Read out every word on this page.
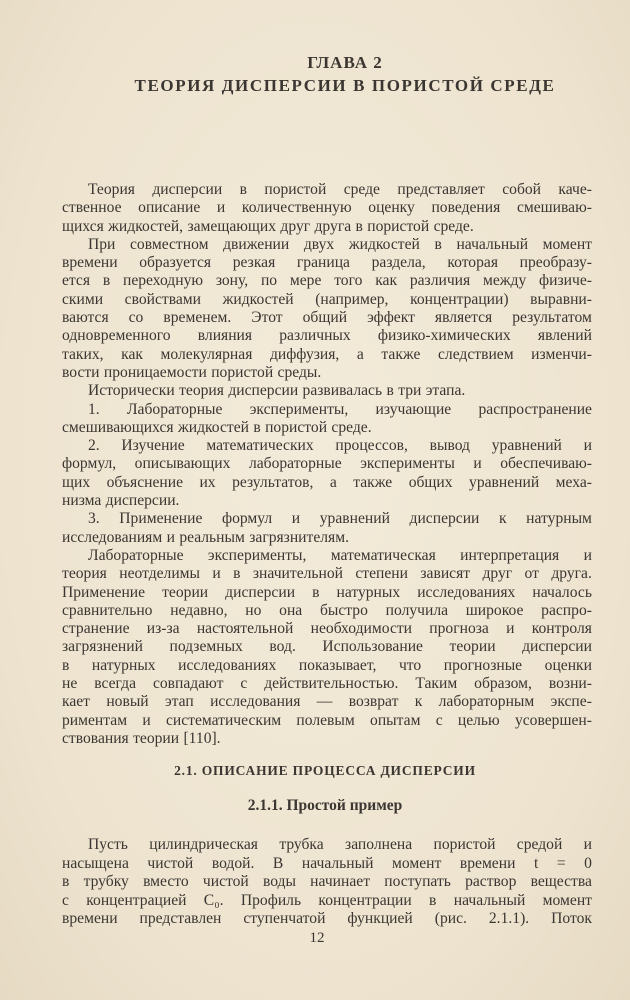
ГЛАВА 2
ТЕОРИЯ ДИСПЕРСИИ В ПОРИСТОЙ СРЕДЕ
Теория дисперсии в пористой среде представляет собой каче-
ственное описание и количественную оценку поведения смешиваю-
щихся жидкостей, замещающих друг друга в пористой среде.
При совместном движении двух жидкостей в начальный момент
времени образуется резкая граница раздела, которая преобразу-
ется в переходную зону, по мере того как различия между физиче-
скими свойствами жидкостей (например, концентрации) выравни-
ваются со временем. Этот общий эффект является результатом
одновременного влияния различных физико-химических явлений
таких, как молекулярная диффузия, а также следствием изменчи-
вости проницаемости пористой среды.
Исторически теория дисперсии развивалась в три этапа.
1. Лабораторные эксперименты, изучающие распространение
смешивающихся жидкостей в пористой среде.
2. Изучение математических процессов, вывод уравнений и
формул, описывающих лабораторные эксперименты и обеспечиваю-
щих объяснение их результатов, а также общих уравнений меха-
низма дисперсии.
3. Применение формул и уравнений дисперсии к натурным
исследованиям и реальным загрязнителям.
Лабораторные эксперименты, математическая интерпретация и
теория неотделимы и в значительной степени зависят друг от друга.
Применение теории дисперсии в натурных исследованиях началось
сравнительно недавно, но она быстро получила широкое распро-
странение из-за настоятельной необходимости прогноза и контроля
загрязнений подземных вод. Использование теории дисперсии
в натурных исследованиях показывает, что прогнозные оценки
не всегда совпадают с действительностью. Таким образом, возни-
кает новый этап исследования — возврат к лабораторным экспе-
риментам и систематическим полевым опытам с целью усовершен-
ствования теории [110].
2.1. ОПИСАНИЕ ПРОЦЕССА ДИСПЕРСИИ
2.1.1. Простой пример
Пусть цилиндрическая трубка заполнена пористой средой и
насыщена чистой водой. В начальный момент времени t = 0
в трубку вместо чистой воды начинает поступать раствор вещества
с концентрацией C₀. Профиль концентрации в начальный момент
времени представлен ступенчатой функцией (рис. 2.1.1). Поток
12
